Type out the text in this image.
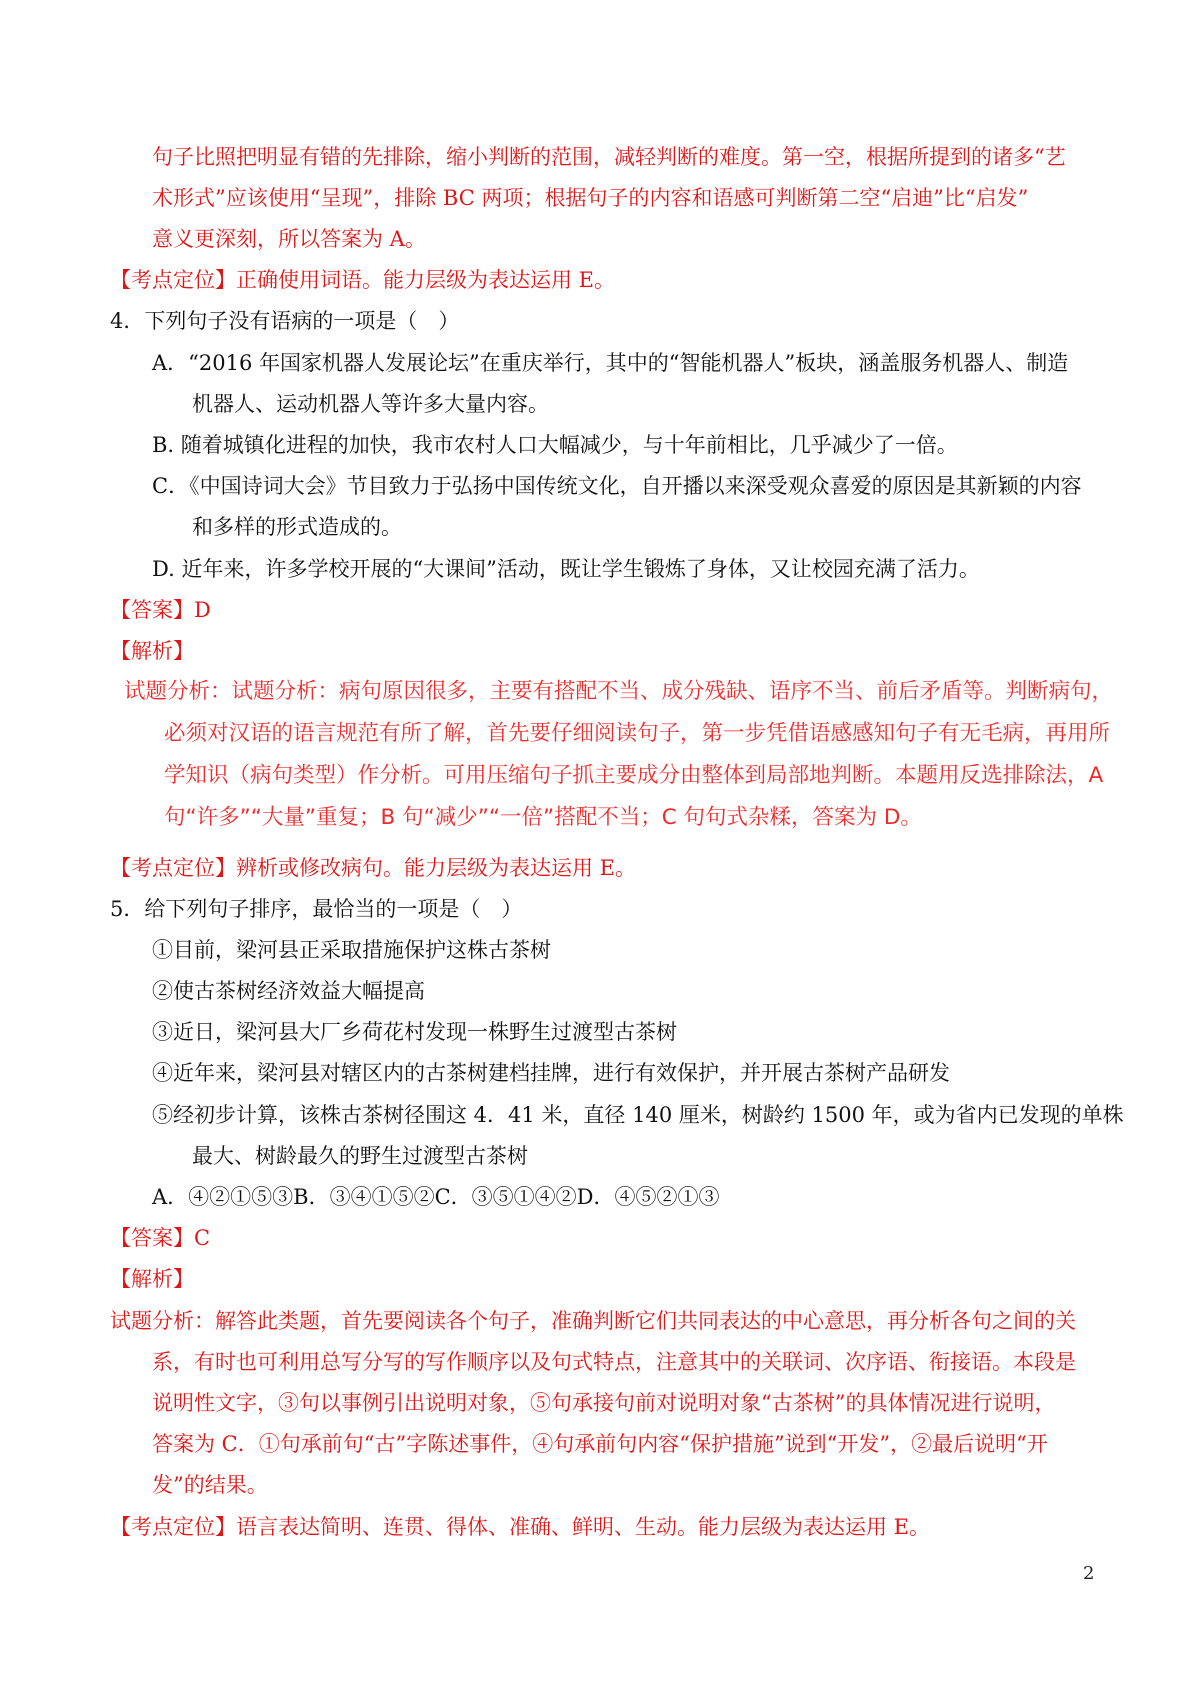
句子比照把明显有错的先排除，缩小判断的范围，减轻判断的难度。第一空，根据所提到的诸多“艺
术形式”应该使用“呈现”，排除 BC 两项；根据句子的内容和语感可判断第二空“启迪”比“启发”
意义更深刻，所以答案为 A。
【考点定位】正确使用词语。能力层级为表达运用 E。
4．下列句子没有语病的一项是（　）
A．“2016 年国家机器人发展论坛”在重庆举行，其中的“智能机器人”板块，涵盖服务机器人、制造
机器人、运动机器人等许多大量内容。
B. 随着城镇化进程的加快，我市农村人口大幅减少，与十年前相比，几乎减少了一倍。
C．《中国诗词大会》节目致力于弘扬中国传统文化，自开播以来深受观众喜爱的原因是其新颖的内容
和多样的形式造成的。
D. 近年来，许多学校开展的“大课间”活动，既让学生锻炼了身体，又让校园充满了活力。
【答案】D
【解析】
试题分析：试题分析：病句原因很多，主要有搭配不当、成分残缺、语序不当、前后矛盾等。判断病句，
必须对汉语的语言规范有所了解，首先要仔细阅读句子，第一步凭借语感感知句子有无毛病，再用所
学知识（病句类型）作分析。可用压缩句子抓主要成分由整体到局部地判断。本题用反选排除法，A
句“许多”“大量”重复；B 句“减少”“一倍”搭配不当；C 句句式杂糅，答案为 D。
【考点定位】辨析或修改病句。能力层级为表达运用 E。
5．给下列句子排序，最恰当的一项是（　）
①目前，梁河县正采取措施保护这株古茶树
②使古茶树经济效益大幅提高
③近日，梁河县大厂乡荷花村发现一株野生过渡型古茶树
④近年来，梁河县对辖区内的古茶树建档挂牌，进行有效保护，并开展古茶树产品研发
⑤经初步计算，该株古茶树径围这 4．41 米，直径 140 厘米，树龄约 1500 年，或为省内已发现的单株
最大、树龄最久的野生过渡型古茶树
A．④②①⑤③B．③④①⑤②C．③⑤①④②D．④⑤②①③
【答案】C
【解析】
试题分析：解答此类题，首先要阅读各个句子，准确判断它们共同表达的中心意思，再分析各句之间的关
系，有时也可利用总写分写的写作顺序以及句式特点，注意其中的关联词、次序语、衔接语。本段是
说明性文字，③句以事例引出说明对象，⑤句承接句前对说明对象“古茶树”的具体情况进行说明，
答案为 C．①句承前句“古”字陈述事件，④句承前句内容“保护措施”说到“开发”，②最后说明“开
发”的结果。
【考点定位】语言表达简明、连贯、得体、准确、鲜明、生动。能力层级为表达运用 E。
2
